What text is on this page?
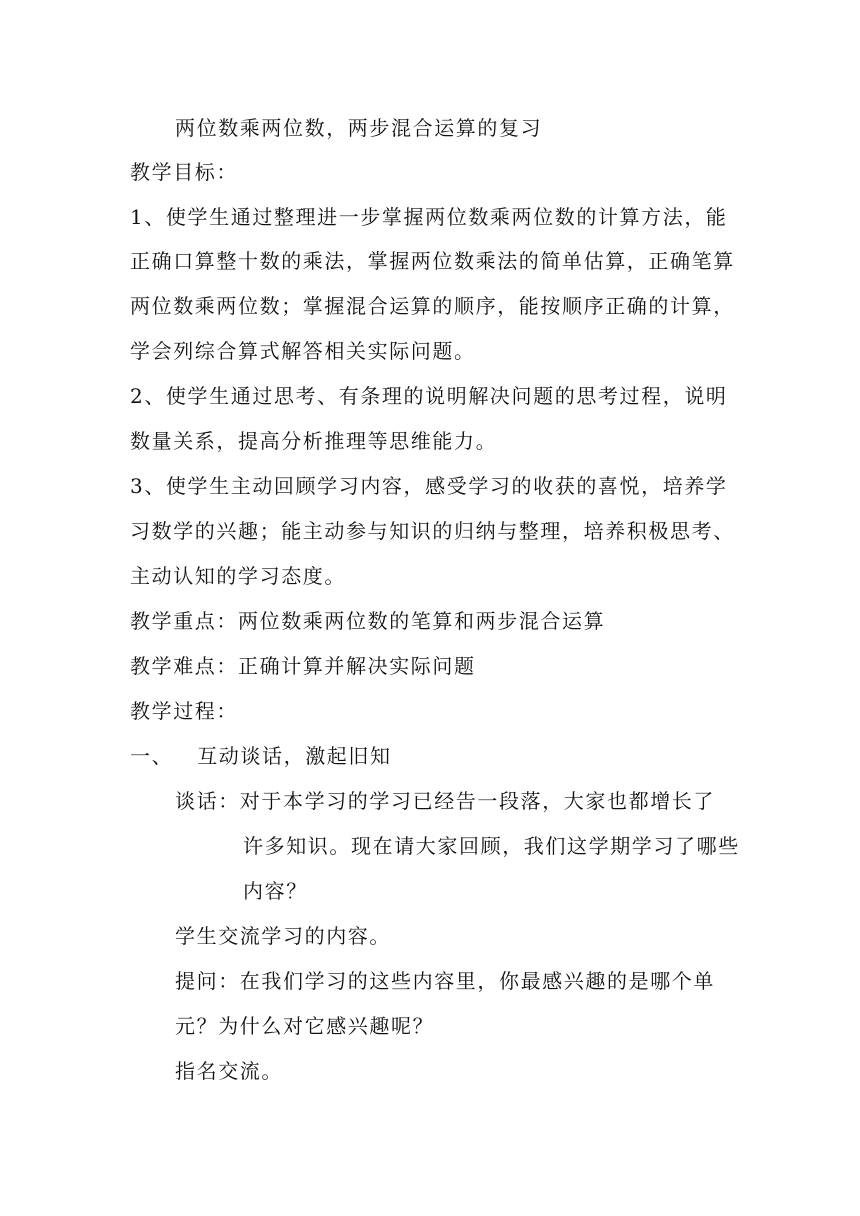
两位数乘两位数，两步混合运算的复习
教学目标：
1、使学生通过整理进一步掌握两位数乘两位数的计算方法，能
正确口算整十数的乘法，掌握两位数乘法的简单估算，正确笔算
两位数乘两位数；掌握混合运算的顺序，能按顺序正确的计算，
学会列综合算式解答相关实际问题。
2、使学生通过思考、有条理的说明解决问题的思考过程，说明
数量关系，提高分析推理等思维能力。
3、使学生主动回顾学习内容，感受学习的收获的喜悦，培养学
习数学的兴趣；能主动参与知识的归纳与整理，培养积极思考、
主动认知的学习态度。
教学重点：两位数乘两位数的笔算和两步混合运算
教学难点：正确计算并解决实际问题
教学过程：
一、 互动谈话，激起旧知
谈话：对于本学习的学习已经告一段落，大家也都增长了
许多知识。现在请大家回顾，我们这学期学习了哪些
内容？
学生交流学习的内容。
提问：在我们学习的这些内容里，你最感兴趣的是哪个单
元？为什么对它感兴趣呢？
指名交流。
